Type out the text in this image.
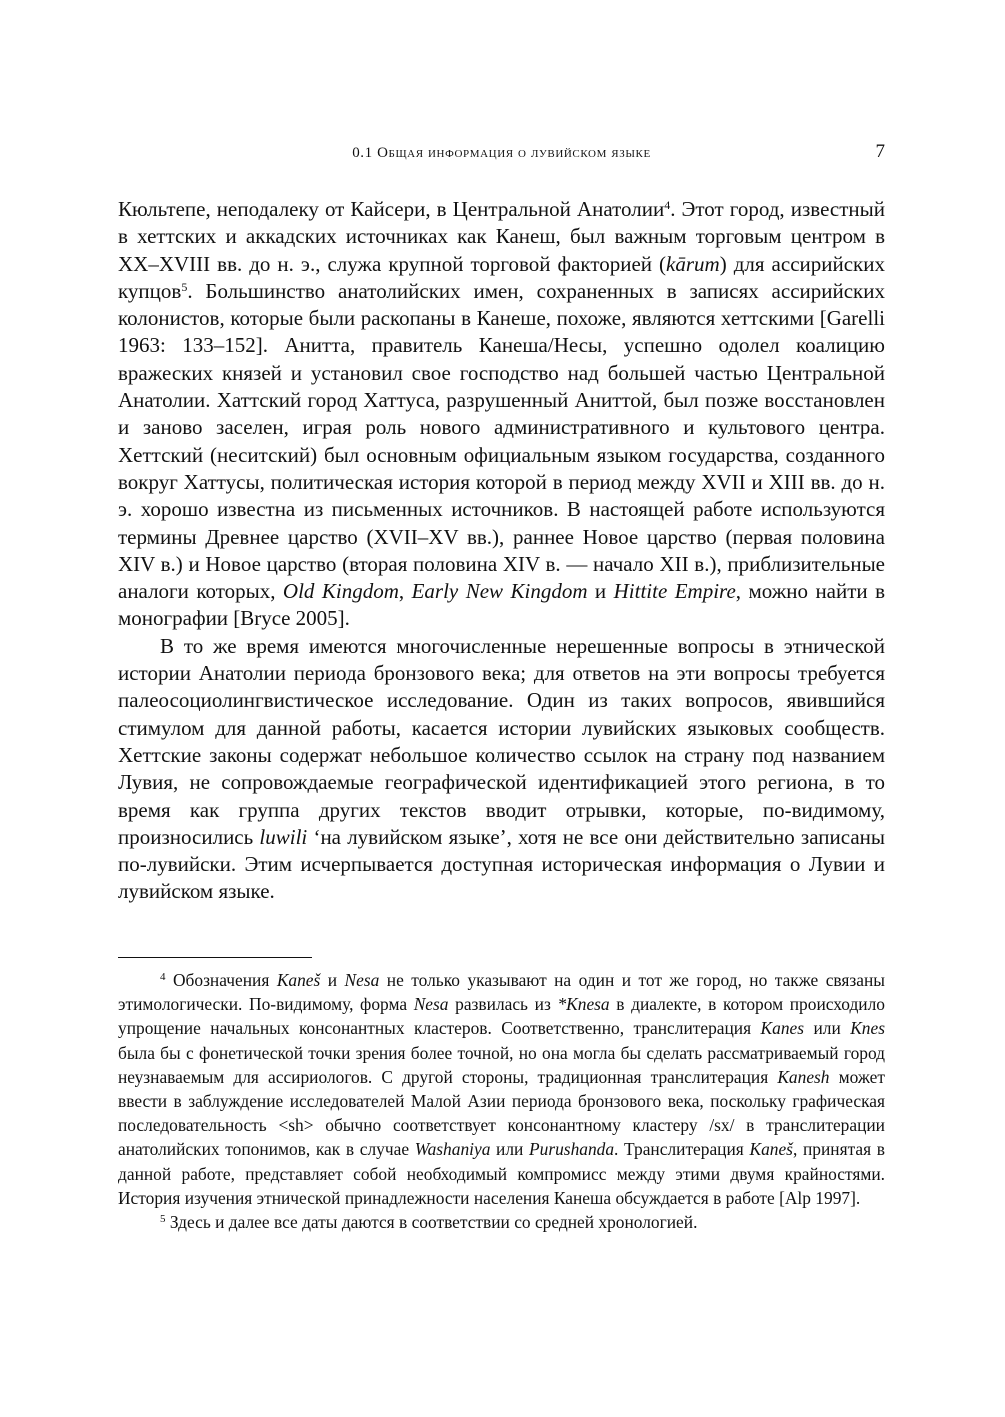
0.1 Общая информация о лувийском языке	7

Кюльтепе, неподалеку от Кайсери, в Центральной Анатолии$^4$. Этот город, известный в хеттских и аккадских источниках как Канеш, был важным торговым центром в XX–XVIII вв. до н. э., служа крупной торговой факторией (kārum) для ассирийских купцов$^5$. Большинство анатолийских имен, сохраненных в записях ассирийских колонистов, которые были раскопаны в Канеше, похоже, являются хеттскими [Garelli 1963: 133–152]. Анитта, правитель Канеша/Несы, успешно одолел коалицию вражеских князей и установил свое господство над большей частью Центральной Анатолии. Хаттский город Хаттуса, разрушенный Аниттой, был позже восстановлен и заново заселен, играя роль нового административного и культового центра. Хеттский (неситский) был основным официальным языком государства, созданного вокруг Хаттусы, политическая история которой в период между XVII и XIII вв. до н. э. хорошо известна из письменных источников. В настоящей работе используются термины Древнее царство (XVII–XV вв.), раннее Новое царство (первая половина XIV в.) и Новое царство (вторая половина XIV в. — начало XII в.), приблизительные аналоги которых, Old Kingdom, Early New Kingdom и Hittite Empire, можно найти в монографии [Bryce 2005].

В то же время имеются многочисленные нерешенные вопросы в этнической истории Анатолии периода бронзового века; для ответов на эти вопросы требуется палеосоциолингвистическое исследование. Один из таких вопросов, явившийся стимулом для данной работы, касается истории лувийских языковых сообществ. Хеттские законы содержат небольшое количество ссылок на страну под названием Лувия, не сопровождаемые географической идентификацией этого региона, в то время как группа других текстов вводит отрывки, которые, по-видимому, произносились luwili ‘на лувийском языке’, хотя не все они действительно записаны по-лувийски. Этим исчерпывается доступная историческая информация о Лувии и лувийском языке.

$^4$ Обозначения Kaneš и Nesa не только указывают на один и тот же город, но также связаны этимологически. По-видимому, форма Nesa развилась из *Knesa в диалекте, в котором происходило упрощение начальных консонантных кластеров. Соответственно, транслитерация Kanes или Knes была бы с фонетической точки зрения более точной, но она могла бы сделать рассматриваемый город неузнаваемым для ассириологов. С другой стороны, традиционная транслитерация Kanesh может ввести в заблуждение исследователей Малой Азии периода бронзового века, поскольку графическая последовательность <sh> обычно соответствует консонантному кластеру /sx/ в транслитерации анатолийских топонимов, как в случае Washaniya или Purushanda. Транслитерация Kaneš, принятая в данной работе, представляет собой необходимый компромисс между этими двумя крайностями. История изучения этнической принадлежности населения Канеша обсуждается в работе [Alp 1997].

$^5$ Здесь и далее все даты даются в соответствии со средней хронологией.
